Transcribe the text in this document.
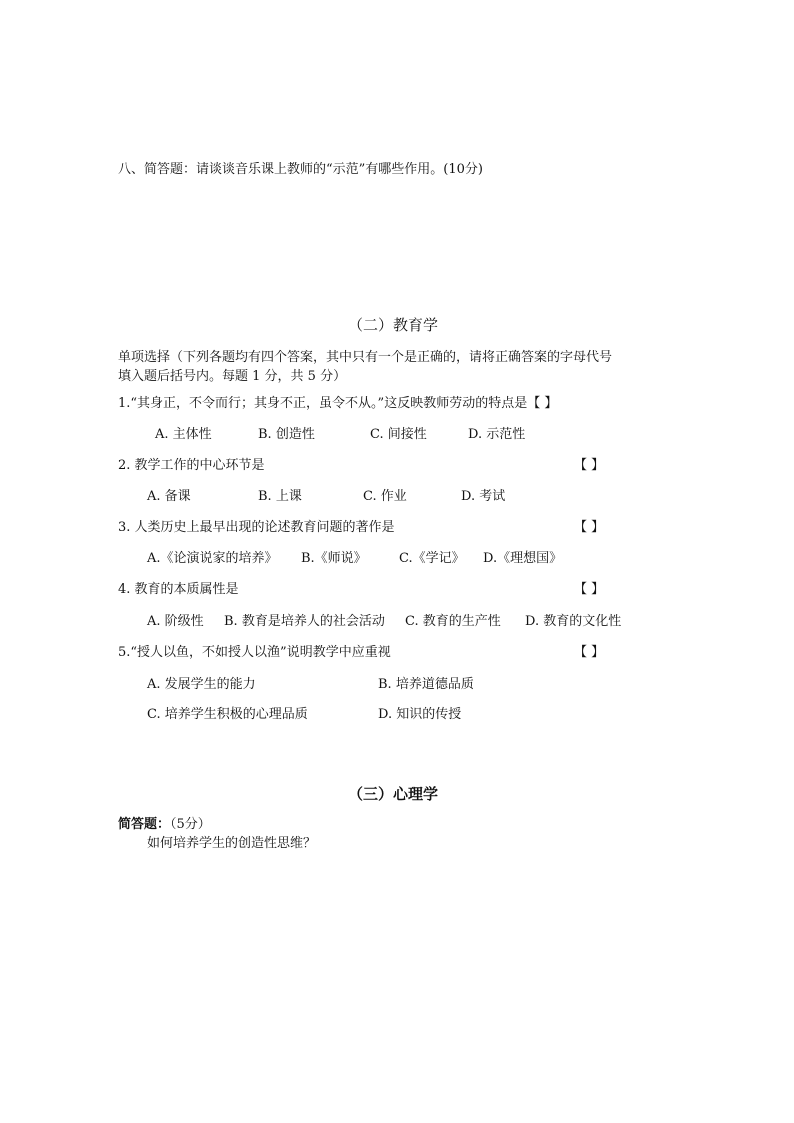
八、简答题：请谈谈音乐课上教师的“示范”有哪些作用。(10分)
（二）教育学
单项选择（下列各题均有四个答案，其中只有一个是正确的，请将正确答案的字母代号
填入题后括号内。每题 1 分，共 5 分）
1.“其身正，不令而行；其身不正，虽令不从。”这反映教师劳动的特点是【 】
A. 主体性	B. 创造性	C. 间接性	D. 示范性
2. 教学工作的中心环节是	【 】
A. 备课	B. 上课	C. 作业	D. 考试
3. 人类历史上最早出现的论述教育问题的著作是	【 】
A.《论演说家的培养》 B.《师说》 C.《学记》 D.《理想国》
4. 教育的本质属性是	【 】
A. 阶级性 B. 教育是培养人的社会活动 C. 教育的生产性 D. 教育的文化性
5.“授人以鱼，不如授人以渔”说明教学中应重视	【 】
A. 发展学生的能力	B. 培养道德品质
C. 培养学生积极的心理品质	D. 知识的传授
（三）心理学
简答题：（5分）
如何培养学生的创造性思维？
